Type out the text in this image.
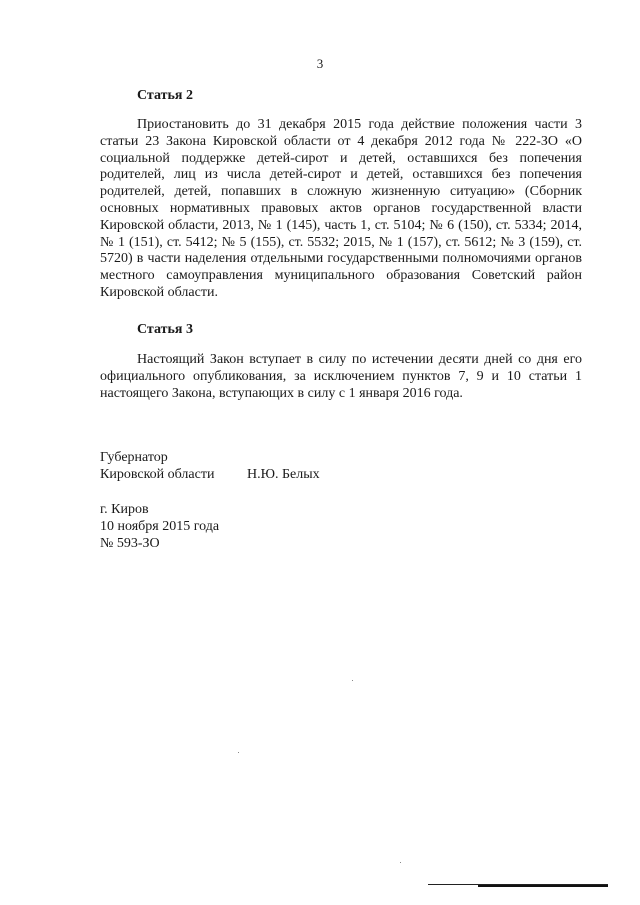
3
Статья 2

Приостановить до 31 декабря 2015 года действие положения части 3 статьи 23 Закона Кировской области от 4 декабря 2012 года № 222-ЗО «О социальной поддержке детей-сирот и детей, оставшихся без попечения родителей, лиц из числа детей-сирот и детей, оставшихся без попечения родителей, детей, попавших в сложную жизненную ситуацию» (Сборник основных нормативных правовых актов органов государственной власти Кировской области, 2013, № 1 (145), часть 1, ст. 5104; № 6 (150), ст. 5334; 2014, № 1 (151), ст. 5412; № 5 (155), ст. 5532; 2015, № 1 (157), ст. 5612; № 3 (159), ст. 5720) в части наделения отдельными государственными полномочиями органов местного самоуправления муниципального образования Советский район Кировской области.

Статья 3

Настоящий Закон вступает в силу по истечении десяти дней со дня его официального опубликования, за исключением пунктов 7, 9 и 10 статьи 1 настоящего Закона, вступающих в силу с 1 января 2016 года.

Губернатор
Кировской области Н.Ю. Белых
г. Киров
10 ноября 2015 года
№ 593-ЗО
